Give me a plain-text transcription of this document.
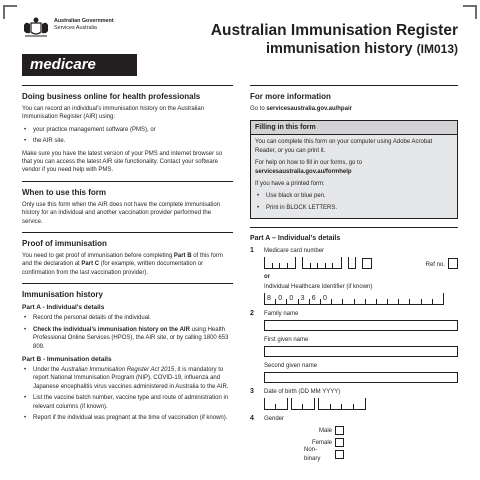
Australian Government
Services Australia
medicare
Australian Immunisation Register
immunisation history (IM013)
Doing business online for health professionals

You can record an individual’s immunisation history on the Australian Immunisation Register (AIR) using:

• your practice management software (PMS), or
• the AIR site.

Make sure you have the latest version of your PMS and internet browser so that you can access the latest AIR site functionality. Contact your software vendor if you need help with PMS.

When to use this form

Only use this form when the AIR does not have the complete immunisation history for an individual and another vaccination provider performed the service.

Proof of immunisation

You need to get proof of immunisation before completing Part B of this form and the declaration at Part C (for example, written documentation or confirmation from the last vaccination provider).

Immunisation history
Part A - Individual’s details
• Record the personal details of the individual.
• Check the individual’s immunisation history on the AIR using Health Professional Online Services (HPOS), the AIR site, or by calling 1800 653 809.
Part B - Immunisation details
• Under the Australian Immunisation Register Act 2015, it is mandatory to report National Immunisation Program (NIP), COVID-19, influenza and Japanese encephalitis virus vaccines administered in Australia to the AIR.
• List the vaccine batch number, vaccine type and route of administration in relevant columns (if known).
• Report if the individual was pregnant at the time of vaccination (if known).
For more information

Go to servicesaustralia.gov.au/hpair

Filling in this form

You can complete this form on your computer using Adobe Acrobat Reader, or you can print it.

For help on how to fill in our forms, go to servicesaustralia.gov.au/formhelp

If you have a printed form:

• Use black or blue pen.
• Print in BLOCK LETTERS.
Part A – Individual’s details
1 Medicare card number
Ref no.
or
Individual Healthcare Identifier (if known)
8 0 0 3 6 0
2 Family name
First given name
Second given name
3 Date of birth (DD MM YYYY)
4 Gender
Male
Female
Non-binary
